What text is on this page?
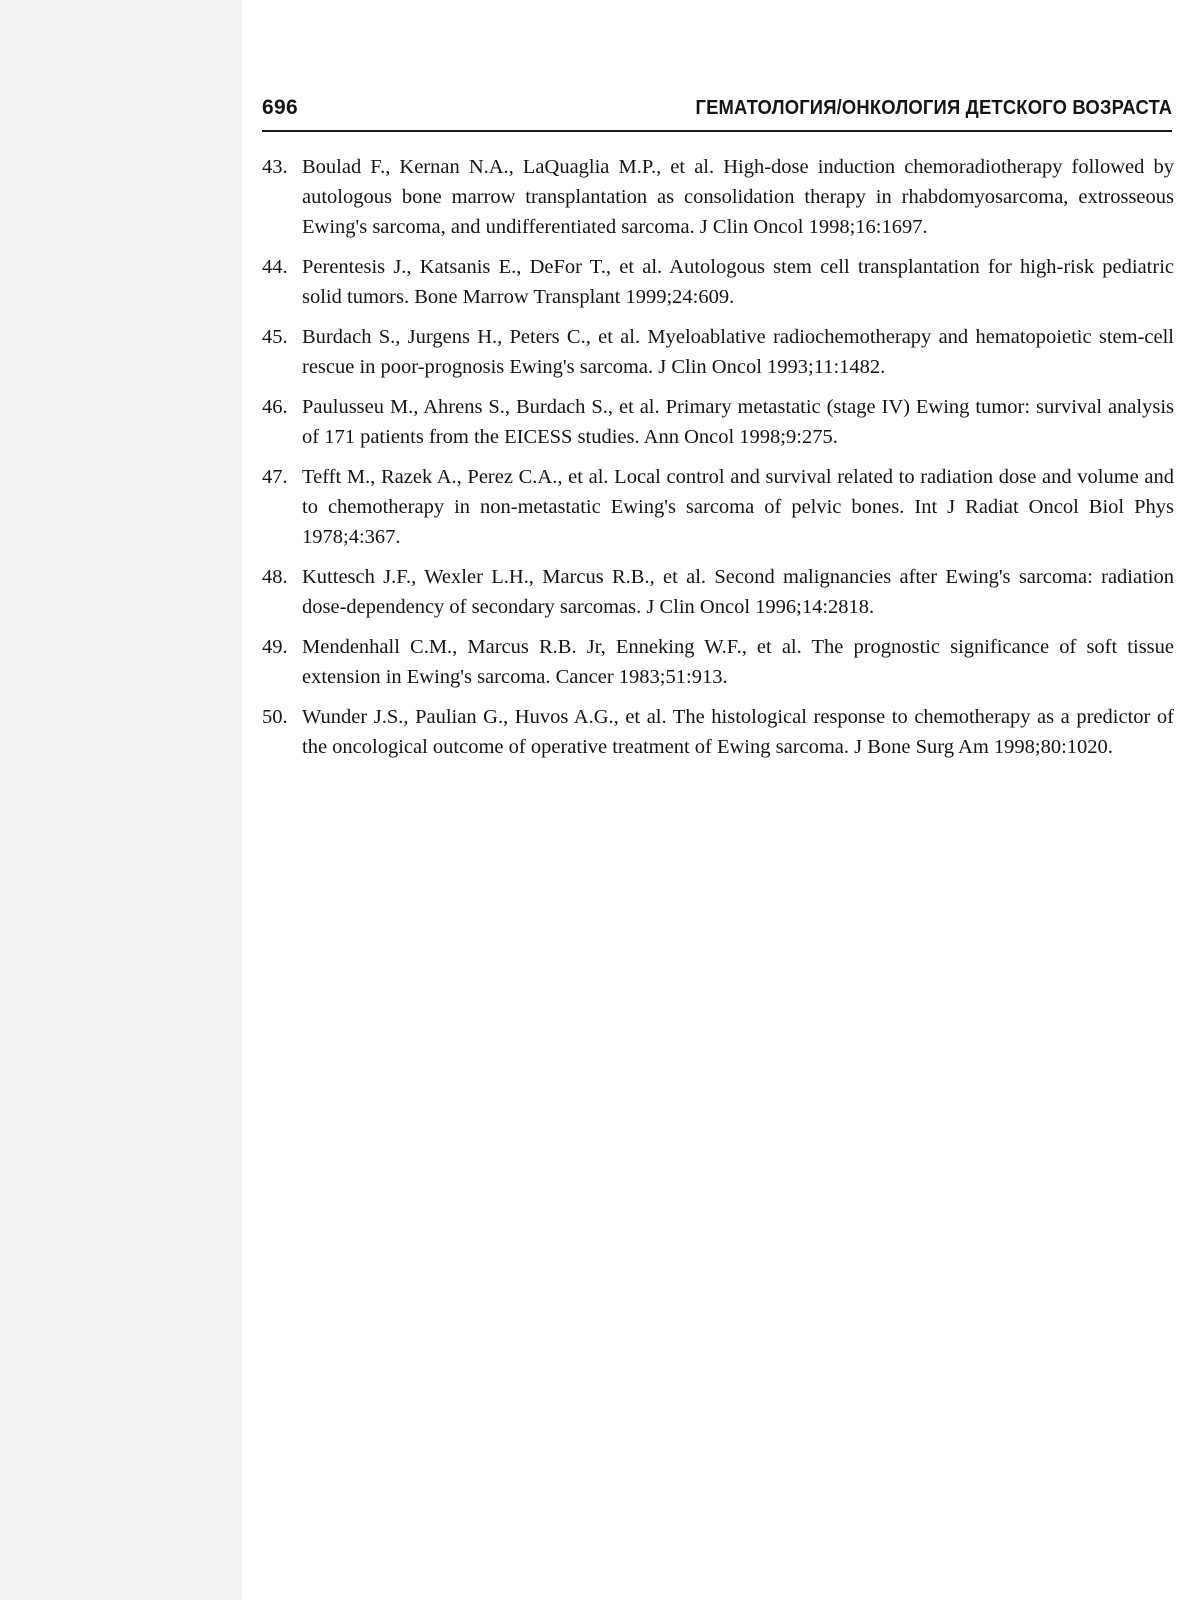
696	ГЕМАТОЛОГИЯ/ОНКОЛОГИЯ ДЕТСКОГО ВОЗРАСТА
43. Boulad F., Kernan N.A., LaQuaglia M.P., et al. High-dose induction chemoradiotherapy followed by autologous bone marrow transplantation as consolidation therapy in rhabdomyosarcoma, extrosseous Ewing's sarcoma, and undifferentiated sarcoma. J Clin Oncol 1998;16:1697.
44. Perentesis J., Katsanis E., DeFor T., et al. Autologous stem cell transplantation for high-risk pediatric solid tumors. Bone Marrow Transplant 1999;24:609.
45. Burdach S., Jurgens H., Peters C., et al. Myeloablative radiochemotherapy and hematopoietic stem-cell rescue in poor-prognosis Ewing's sarcoma. J Clin Oncol 1993;11:1482.
46. Paulusseu M., Ahrens S., Burdach S., et al. Primary metastatic (stage IV) Ewing tumor: survival analysis of 171 patients from the EICESS studies. Ann Oncol 1998;9:275.
47. Tefft M., Razek A., Perez C.A., et al. Local control and survival related to radiation dose and volume and to chemotherapy in non-metastatic Ewing's sarcoma of pelvic bones. Int J Radiat Oncol Biol Phys 1978;4:367.
48. Kuttesch J.F., Wexler L.H., Marcus R.B., et al. Second malignancies after Ewing's sarcoma: radiation dose-dependency of secondary sarcomas. J Clin Oncol 1996;14:2818.
49. Mendenhall C.M., Marcus R.B. Jr, Enneking W.F., et al. The prognostic significance of soft tissue extension in Ewing's sarcoma. Cancer 1983;51:913.
50. Wunder J.S., Paulian G., Huvos A.G., et al. The histological response to chemotherapy as a predictor of the oncological outcome of operative treatment of Ewing sarcoma. J Bone Surg Am 1998;80:1020.
